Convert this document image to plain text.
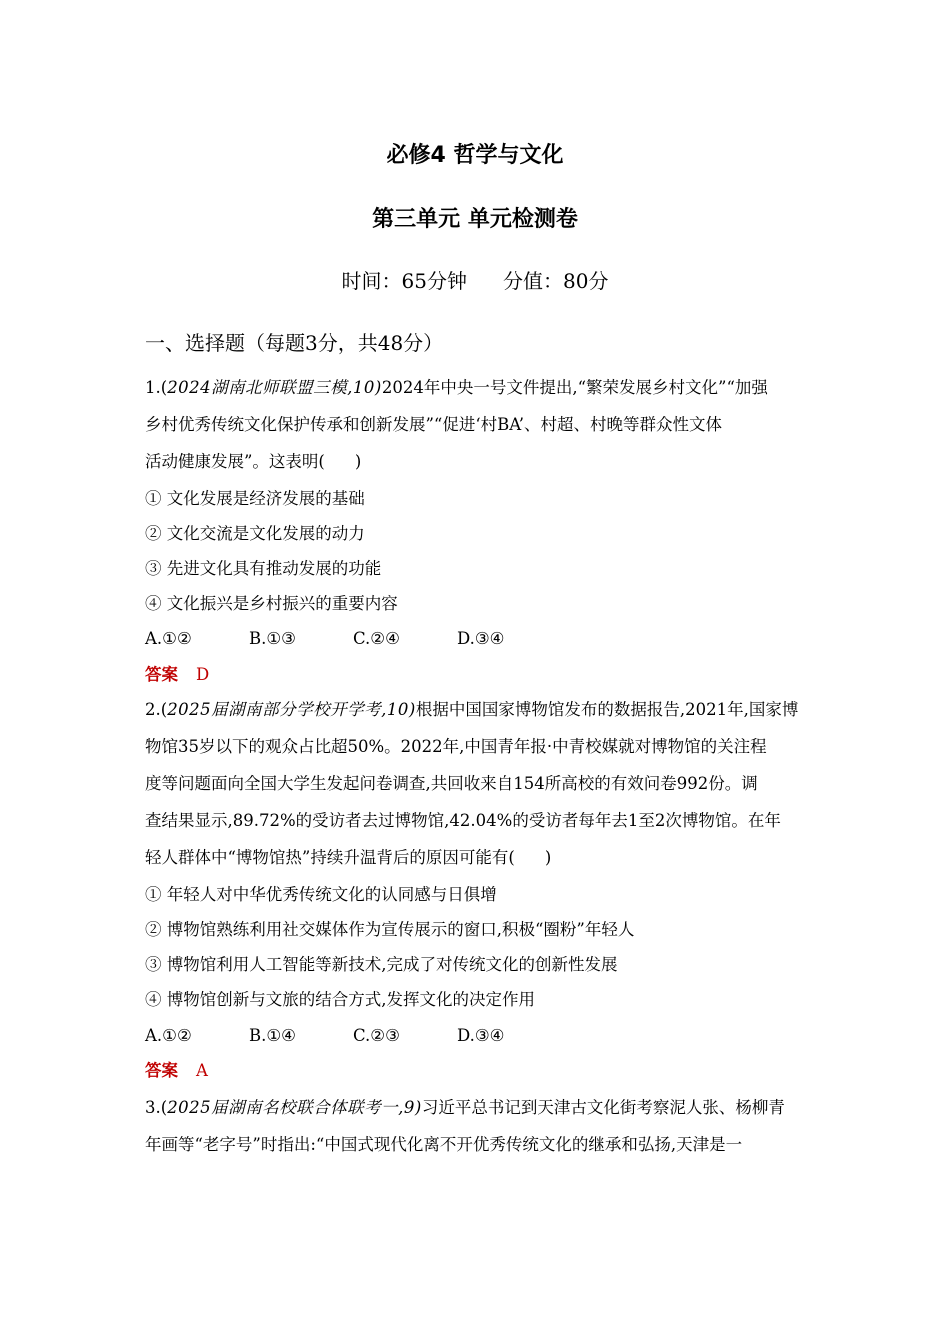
必修4 哲学与文化
第三单元 单元检测卷
时间：65分钟 分值：80分
一、选择题（每题3分，共48分）
1.(2024湖南北师联盟三模,10)2024年中央一号文件提出,“繁荣发展乡村文化”“加强
乡村优秀传统文化保护传承和创新发展”“促进‘村BA’、村超、村晚等群众性文体
活动健康发展”。这表明( )
① 文化发展是经济发展的基础
② 文化交流是文化发展的动力
③ 先进文化具有推动发展的功能
④ 文化振兴是乡村振兴的重要内容
A.①②	B.①③	C.②④	D.③④
答案 D
2.(2025届湖南部分学校开学考,10)根据中国国家博物馆发布的数据报告,2021年,国家博
物馆35岁以下的观众占比超50%。2022年,中国青年报·中青校媒就对博物馆的关注程
度等问题面向全国大学生发起问卷调查,共回收来自154所高校的有效问卷992份。调
查结果显示,89.72%的受访者去过博物馆,42.04%的受访者每年去1至2次博物馆。在年
轻人群体中“博物馆热”持续升温背后的原因可能有( )
① 年轻人对中华优秀传统文化的认同感与日俱增
② 博物馆熟练利用社交媒体作为宣传展示的窗口,积极“圈粉”年轻人
③ 博物馆利用人工智能等新技术,完成了对传统文化的创新性发展
④ 博物馆创新与文旅的结合方式,发挥文化的决定作用
A.①②	B.①④	C.②③	D.③④
答案 A
3.(2025届湖南名校联合体联考一,9)习近平总书记到天津古文化街考察泥人张、杨柳青
年画等“老字号”时指出:“中国式现代化离不开优秀传统文化的继承和弘扬,天津是一
